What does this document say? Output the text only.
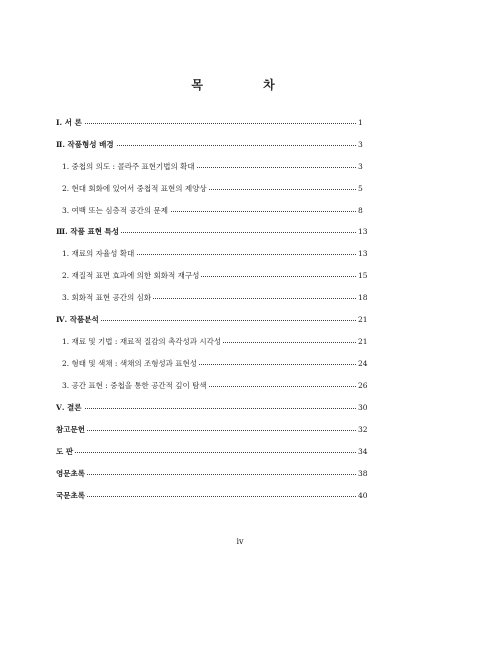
목 차
Ⅰ. 서 론	1
Ⅱ. 작품형성 배경	3
1. 중첩의 의도 : 콜라주 표현기법의 확대	3
2. 현대 회화에 있어서 중첩적 표현의 제양상	5
3. 여백 또는 심층적 공간의 문제	8
Ⅲ. 작품 표현 특성	13
1. 재료의 자율성 확대	13
2. 재질적 표면 효과에 의한 회화적 재구성	15
3. 회화적 표현 공간의 심화	18
Ⅳ. 작품분석	21
1. 재료 및 기법 : 재료적 질감의 촉각성과 시각성	21
2. 형태 및 색채 : 색채의 조형성과 표현성	24
3. 공간 표현 : 중첩을 통한 공간적 깊이 탐색	26
Ⅴ. 결론	30
참고문헌	32
도 판	34
영문초록	38
국문초록	40
iv
